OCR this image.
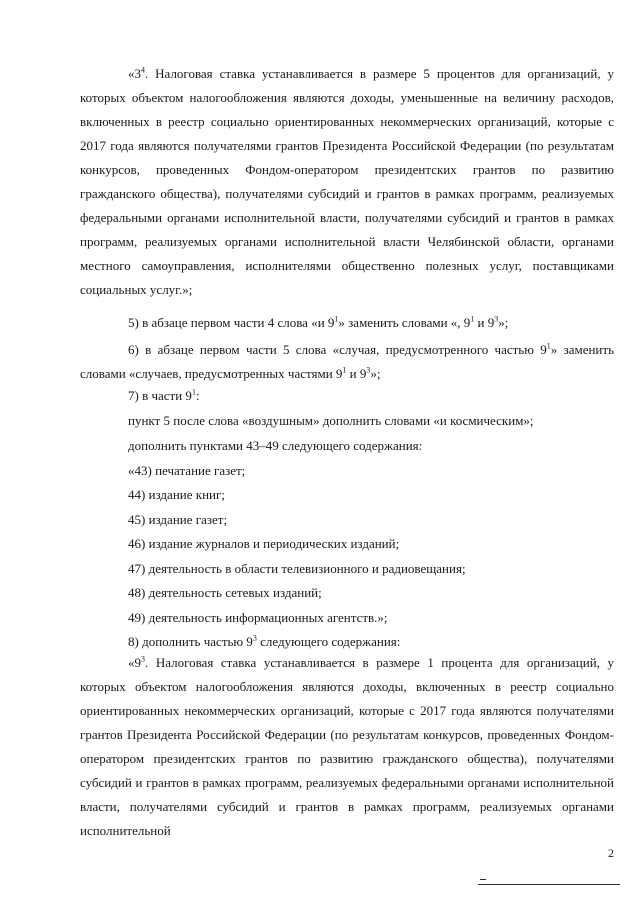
«$3^4$. Налоговая ставка устанавливается в размере 5 процентов для организаций, у которых объектом налогообложения являются доходы, уменьшенные на величину расходов, включенных в реестр социально ориентированных некоммерческих организаций, которые с 2017 года являются получателями грантов Президента Российской Федерации (по результатам конкурсов, проведенных Фондом-оператором президентских грантов по развитию гражданского общества), получателями субсидий и грантов в рамках программ, реализуемых федеральными органами исполнительной власти, получателями субсидий и грантов в рамках программ, реализуемых органами исполнительной власти Челябинской области, органами местного самоуправления, исполнителями общественно полезных услуг, поставщиками социальных услуг.»;

5) в абзаце первом части 4 слова «и $9^1$» заменить словами «, $9^1$ и $9^3$»;

6) в абзаце первом части 5 слова «случая, предусмотренного частью $9^1$» заменить словами «случаев, предусмотренных частями $9^1$ и $9^3$»;

7) в части $9^1$:

пункт 5 после слова «воздушным» дополнить словами «и космическим»;

дополнить пунктами 43–49 следующего содержания:

«43) печатание газет;

44) издание книг;

45) издание газет;

46) издание журналов и периодических изданий;

47) деятельность в области телевизионного и радиовещания;

48) деятельность сетевых изданий;

49) деятельность информационных агентств.»;

8) дополнить частью $9^3$ следующего содержания:

«$9^3$. Налоговая ставка устанавливается в размере 1 процента для организаций, у которых объектом налогообложения являются доходы, включенных в реестр социально ориентированных некоммерческих организаций, которые с 2017 года являются получателями грантов Президента Российской Федерации (по результатам конкурсов, проведенных Фондом-оператором президентских грантов по развитию гражданского общества), получателями субсидий и грантов в рамках программ, реализуемых федеральными органами исполнительной власти, получателями субсидий и грантов в рамках программ, реализуемых органами исполнительной

2
